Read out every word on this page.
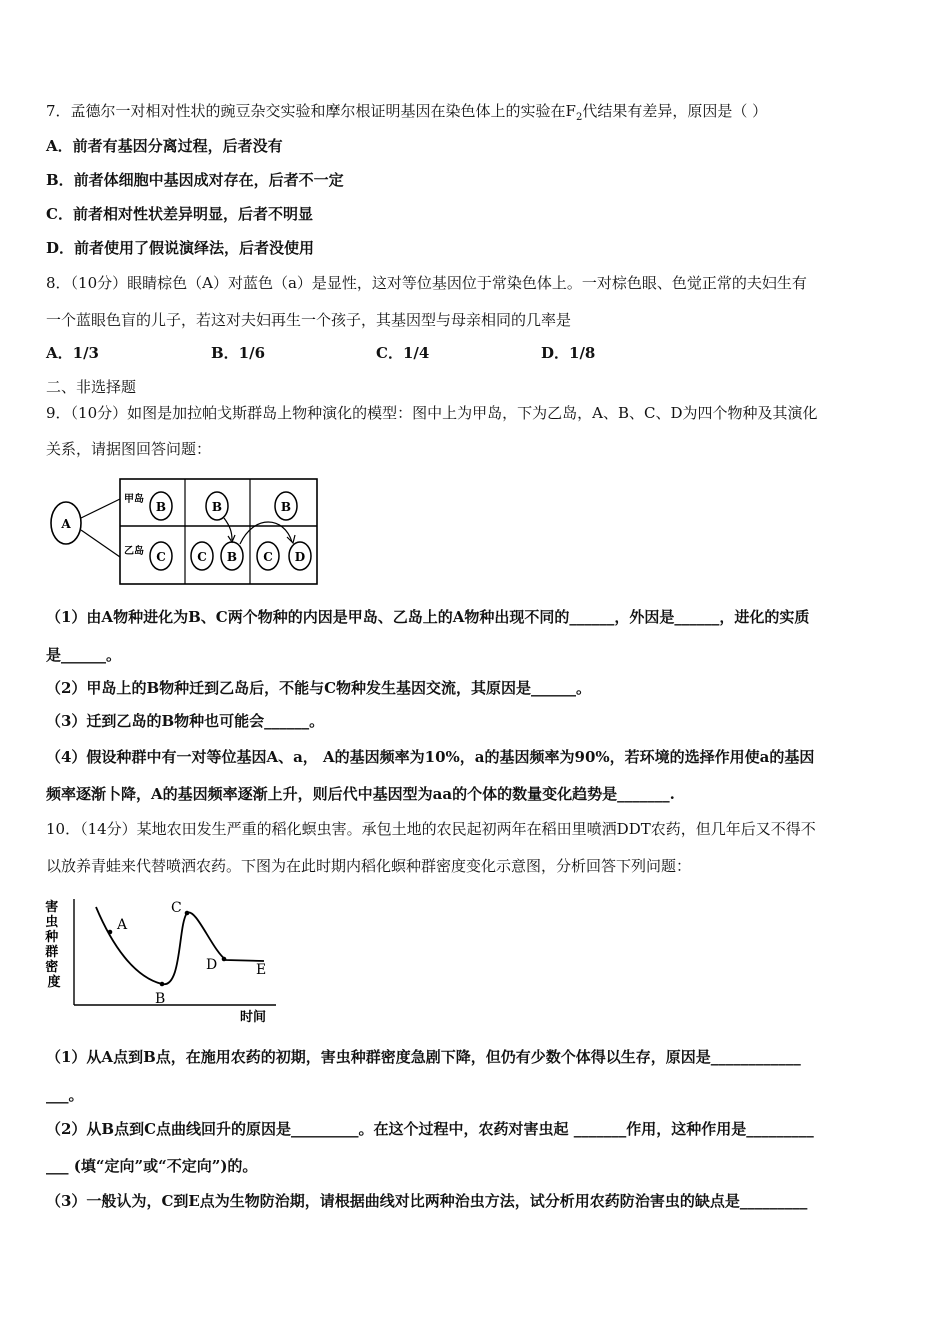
7．孟德尔一对相对性状的豌豆杂交实验和摩尔根证明基因在染色体上的实验在$F_2$代结果有差异，原因是（ ）
A．前者有基因分离过程，后者没有
B．前者体细胞中基因成对存在，后者不一定
C．前者相对性状差异明显，后者不明显
D．前者使用了假说演绎法，后者没使用
8．（10分）眼睛棕色（A）对蓝色（a）是显性，这对等位基因位于常染色体上。一对棕色眼、色觉正常的夫妇生有
一个蓝眼色盲的儿子，若这对夫妇再生一个孩子，其基因型与母亲相同的几率是
A．1/3	B．1/6	C．1/4	D．1/8
二、非选择题
9．（10分）如图是加拉帕戈斯群岛上物种演化的模型：图中上为甲岛，下为乙岛，A、B、C、D为四个物种及其演化
关系，请据图回答问题：
A
甲岛
乙岛
B	B	B
C	C B C D
（1）由A物种进化为B、C两个物种的内因是甲岛、乙岛上的A物种出现不同的______，外因是______，进化的实质
是______。
（2）甲岛上的B物种迁到乙岛后，不能与C物种发生基因交流，其原因是______。
（3）迁到乙岛的B物种也可能会______。
（4）假设种群中有一对等位基因A、a， A的基因频率为10%，a的基因频率为90%，若环境的选择作用使a的基因
频率逐渐卜降，A的基因频率逐渐上升，则后代中基因型为aa的个体的数量变化趋势是_______.
10．（14分）某地农田发生严重的稻化螟虫害。承包土地的农民起初两年在稻田里喷洒DDT农药，但几年后又不得不
以放养青蛙来代替喷洒农药。下图为在此时期内稻化螟种群密度变化示意图，分析回答下列问题：
害 虫 种 群 密 度
A
B
C
D	E
时间
（1）从A点到B点，在施用农药的初期，害虫种群密度急剧下降，但仍有少数个体得以生存，原因是____________
___。
（2）从B点到C点曲线回升的原因是_________。在这个过程中，农药对害虫起 _______作用，这种作用是_________
___ (填“定向”或“不定向”)的。
（3）一般认为，C到E点为生物防治期，请根据曲线对比两种治虫方法，试分析用农药防治害虫的缺点是_________
